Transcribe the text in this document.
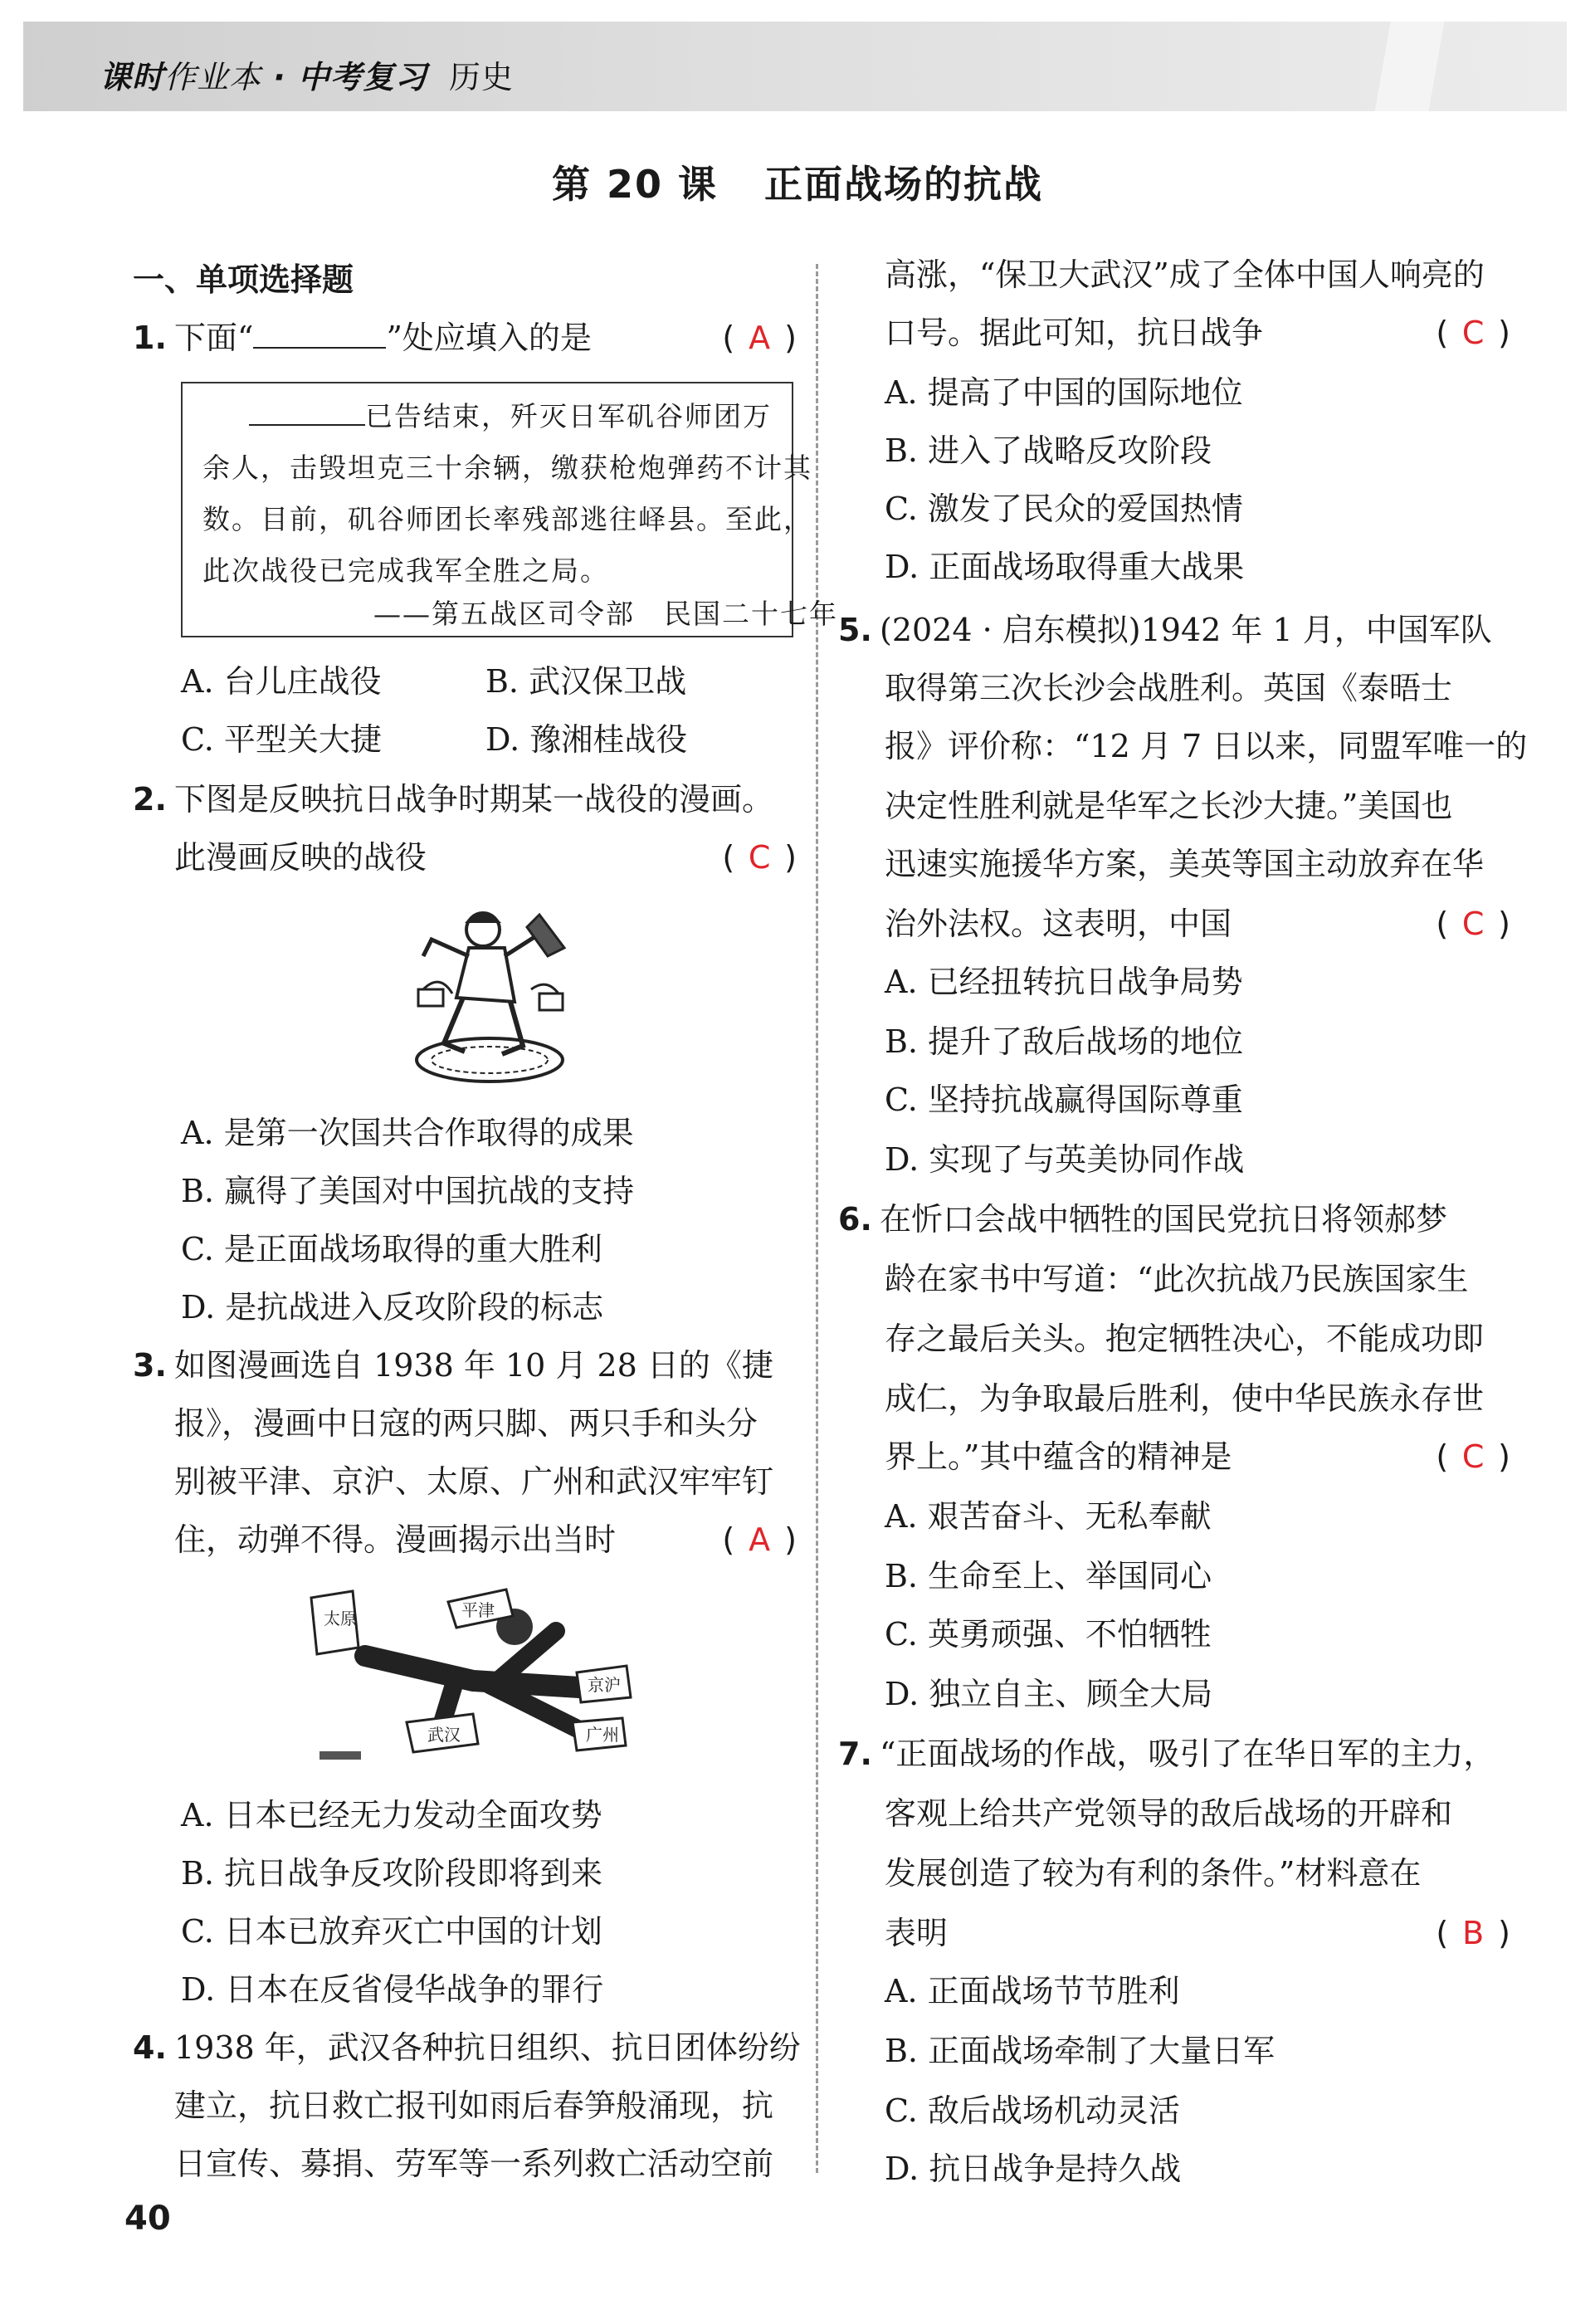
课时作业本 · 中考复习 历史
第 20 课 正面战场的抗战
一、单项选择题
1. 下面“	”处应填入的是	( A )
已告结束，歼灭日军矶谷师团万
余人，击毁坦克三十余辆，缴获枪炮弹药不计其
数。目前，矶谷师团长率残部逃往峄县。至此，
此次战役已完成我军全胜之局。
——第五战区司令部　民国二十七年
A. 台儿庄战役	B. 武汉保卫战
C. 平型关大捷	D. 豫湘桂战役
2. 下图是反映抗日战争时期某一战役的漫画。
此漫画反映的战役	( C )
A. 是第一次国共合作取得的成果
B. 赢得了美国对中国抗战的支持
C. 是正面战场取得的重大胜利
D. 是抗战进入反攻阶段的标志
3. 如图漫画选自 1938 年 10 月 28 日的《捷
报》，漫画中日寇的两只脚、两只手和头分
别被平津、京沪、太原、广州和武汉牢牢钉
住，动弹不得。漫画揭示出当时	( A )
太原	平津
京沪
武汉	广州
A. 日本已经无力发动全面攻势
B. 抗日战争反攻阶段即将到来
C. 日本已放弃灭亡中国的计划
D. 日本在反省侵华战争的罪行
4. 1938 年，武汉各种抗日组织、抗日团体纷纷
建立，抗日救亡报刊如雨后春笋般涌现，抗
日宣传、募捐、劳军等一系列救亡活动空前
高涨，“保卫大武汉”成了全体中国人响亮的
口号。据此可知，抗日战争	( C )
A. 提高了中国的国际地位
B. 进入了战略反攻阶段
C. 激发了民众的爱国热情
D. 正面战场取得重大战果
5. (2024 · 启东模拟)1942 年 1 月，中国军队
取得第三次长沙会战胜利。英国《泰晤士
报》评价称：“12 月 7 日以来，同盟军唯一的
决定性胜利就是华军之长沙大捷。”美国也
迅速实施援华方案，美英等国主动放弃在华
治外法权。这表明，中国	( C )
A. 已经扭转抗日战争局势
B. 提升了敌后战场的地位
C. 坚持抗战赢得国际尊重
D. 实现了与英美协同作战
6. 在忻口会战中牺牲的国民党抗日将领郝梦
龄在家书中写道：“此次抗战乃民族国家生
存之最后关头。抱定牺牲决心，不能成功即
成仁，为争取最后胜利，使中华民族永存世
界上。”其中蕴含的精神是	( C )
A. 艰苦奋斗、无私奉献
B. 生命至上、举国同心
C. 英勇顽强、不怕牺牲
D. 独立自主、顾全大局
7. “正面战场的作战，吸引了在华日军的主力，
客观上给共产党领导的敌后战场的开辟和
发展创造了较为有利的条件。”材料意在
表明	( B )
A. 正面战场节节胜利
B. 正面战场牵制了大量日军
C. 敌后战场机动灵活
D. 抗日战争是持久战
40
